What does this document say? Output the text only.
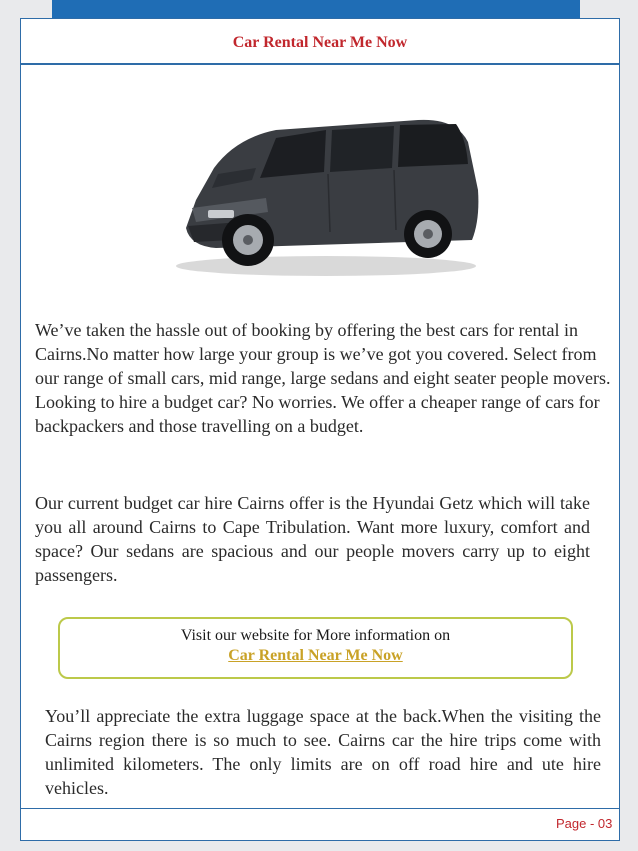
Car Rental Near Me Now

We’ve taken the hassle out of booking by offering the best cars for rental in Cairns.No matter how large your group is we’ve got you covered. Select from our range of small cars, mid range, large sedans and eight seater people movers. Looking to hire a budget car? No worries. We offer a cheaper range of cars for backpackers and those travelling on a budget.

Our current budget car hire Cairns offer is the Hyundai Getz which will take you all around Cairns to Cape Tribulation. Want more luxury, comfort and space? Our sedans are spacious and our people movers carry up to eight passengers.

Visit our website for More information on
Car Rental Near Me Now

You’ll appreciate the extra luggage space at the back.When the visiting the Cairns region there is so much to see. Cairns car the hire trips come with unlimited kilometers. The only limits are on off road hire and ute hire vehicles.

Page - 03
